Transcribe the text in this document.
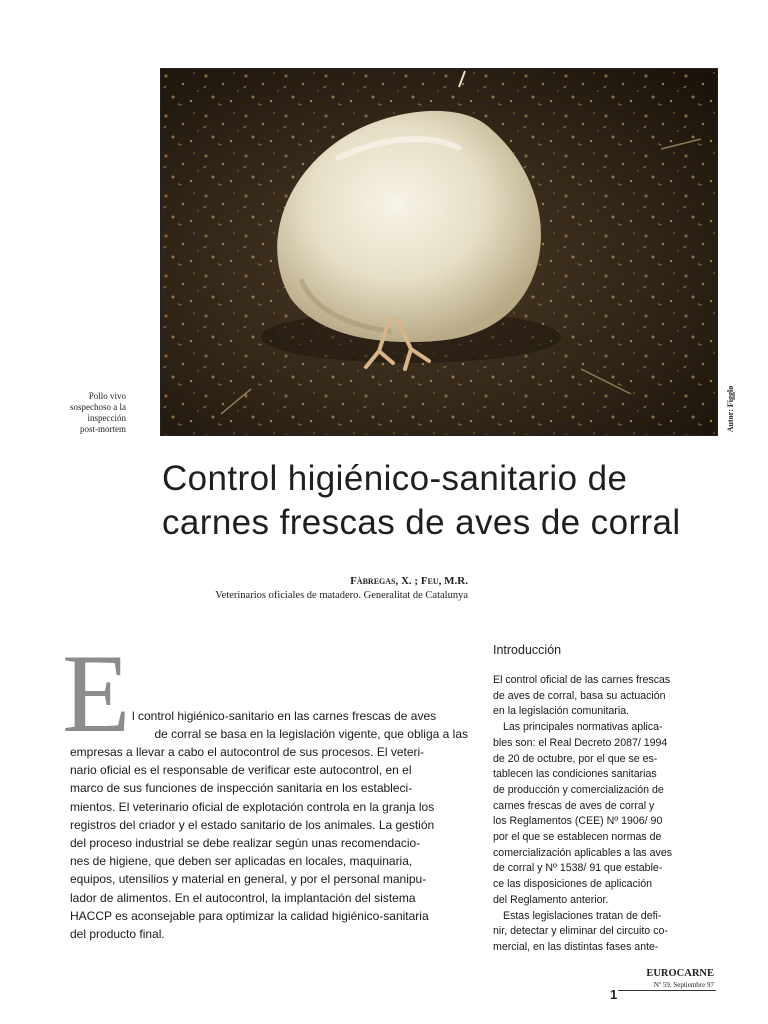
Pollo vivo
sospechoso a la
inspección
post-mortem	Autor: Figglo
Control higiénico-sanitario de
carnes frescas de aves de corral
Fàbregas, X. ; Feu, M.R.
Veterinarios oficiales de matadero. Generalitat de Catalunya
E l control higiénico-sanitario en las carnes frescas de aves
de corral se basa en la legislación vigente, que obliga a las
empresas a llevar a cabo el autocontrol de sus procesos. El veteri-
nario oficial es el responsable de verificar este autocontrol, en el
marco de sus funciones de inspección sanitaria en los estableci-
mientos. El veterinario oficial de explotación controla en la granja los
registros del criador y el estado sanitario de los animales. La gestión
del proceso industrial se debe realizar según unas recomendacio-
nes de higiene, que deben ser aplicadas en locales, maquinaria,
equipos, utensilios y material en general, y por el personal manipu-
lador de alimentos. En el autocontrol, la implantación del sistema
HACCP es aconsejable para optimizar la calidad higiénico-sanitaria
del producto final.
Introducción
El control oficial de las carnes frescas
de aves de corral, basa su actuación
en la legislación comunitaria.
Las principales normativas aplica-
bles son: el Real Decreto 2087/ 1994
de 20 de octubre, por el que se es-
tablecen las condiciones sanitarias
de producción y comercialización de
carnes frescas de aves de corral y
los Reglamentos (CEE) Nº 1906/ 90
por el que se establecen normas de
comercialización aplicables a las aves
de corral y Nº 1538/ 91 que estable-
ce las disposiciones de aplicación
del Reglamento anterior.
Estas legislaciones tratan de defi-
nir, detectar y eliminar del circuito co-
mercial, en las distintas fases ante-
EUROCARNE
Nº 59. Septiembre 97
1
